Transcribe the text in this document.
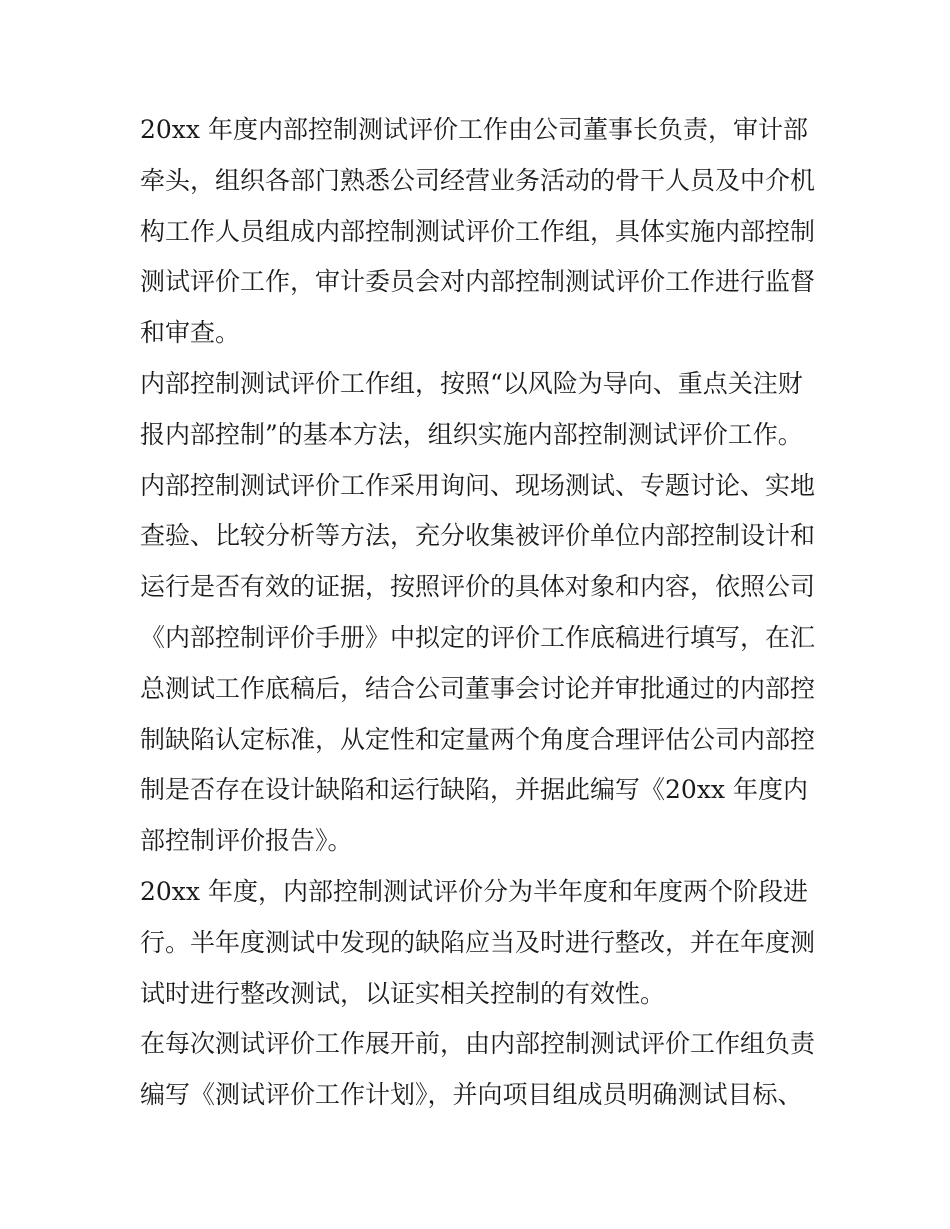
20xx 年度内部控制测试评价工作由公司董事长负责，审计部
牵头，组织各部门熟悉公司经营业务活动的骨干人员及中介机
构工作人员组成内部控制测试评价工作组，具体实施内部控制
测试评价工作，审计委员会对内部控制测试评价工作进行监督
和审查。
内部控制测试评价工作组，按照“以风险为导向、重点关注财
报内部控制”的基本方法，组织实施内部控制测试评价工作。
内部控制测试评价工作采用询问、现场测试、专题讨论、实地
查验、比较分析等方法，充分收集被评价单位内部控制设计和
运行是否有效的证据，按照评价的具体对象和内容，依照公司
《内部控制评价手册》中拟定的评价工作底稿进行填写，在汇
总测试工作底稿后，结合公司董事会讨论并审批通过的内部控
制缺陷认定标准，从定性和定量两个角度合理评估公司内部控
制是否存在设计缺陷和运行缺陷，并据此编写《20xx 年度内
部控制评价报告》。
20xx 年度，内部控制测试评价分为半年度和年度两个阶段进
行。半年度测试中发现的缺陷应当及时进行整改，并在年度测
试时进行整改测试，以证实相关控制的有效性。
在每次测试评价工作展开前，由内部控制测试评价工作组负责
编写《测试评价工作计划》，并向项目组成员明确测试目标、
